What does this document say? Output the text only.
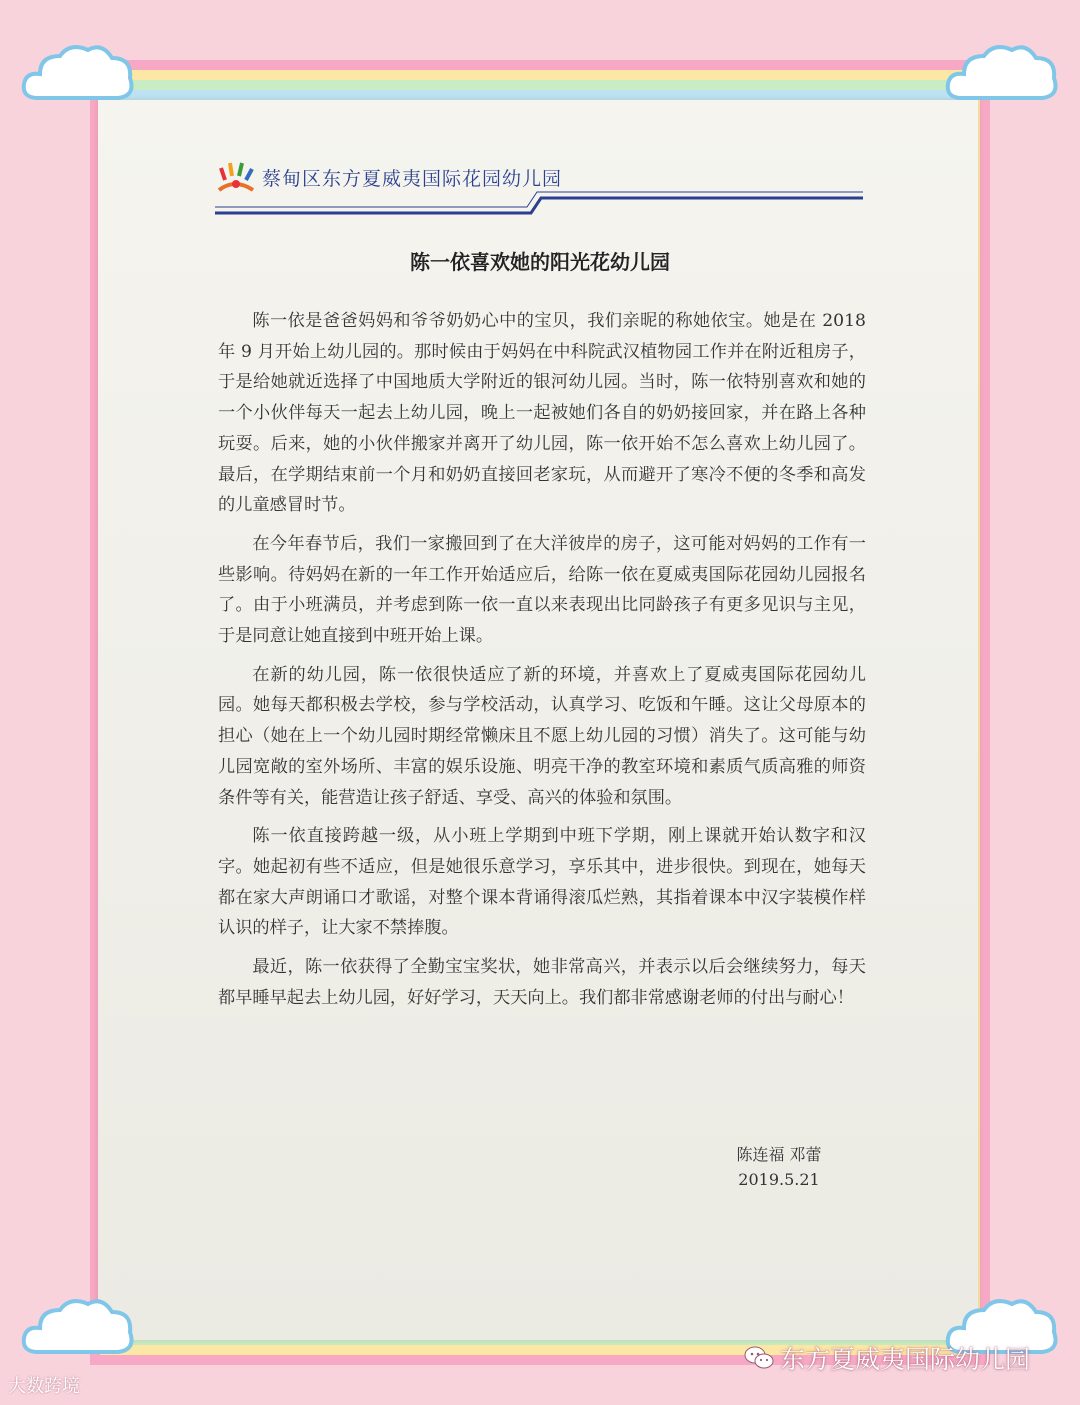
蔡甸区东方夏威夷国际花园幼儿园
陈一依喜欢她的阳光花幼儿园

陈一依是爸爸妈妈和爷爷奶奶心中的宝贝，我们亲昵的称她依宝。她是在 2018 年 9 月开始上幼儿园的。那时候由于妈妈在中科院武汉植物园工作并在附近租房子，于是给她就近选择了中国地质大学附近的银河幼儿园。当时，陈一依特别喜欢和她的一个小伙伴每天一起去上幼儿园，晚上一起被她们各自的奶奶接回家，并在路上各种玩耍。后来，她的小伙伴搬家并离开了幼儿园，陈一依开始不怎么喜欢上幼儿园了。最后，在学期结束前一个月和奶奶直接回老家玩，从而避开了寒冷不便的冬季和高发的儿童感冒时节。

在今年春节后，我们一家搬回到了在大洋彼岸的房子，这可能对妈妈的工作有一些影响。待妈妈在新的一年工作开始适应后，给陈一依在夏威夷国际花园幼儿园报名了。由于小班满员，并考虑到陈一依一直以来表现出比同龄孩子有更多见识与主见，于是同意让她直接到中班开始上课。

在新的幼儿园，陈一依很快适应了新的环境，并喜欢上了夏威夷国际花园幼儿园。她每天都积极去学校，参与学校活动，认真学习、吃饭和午睡。这让父母原本的担心（她在上一个幼儿园时期经常懒床且不愿上幼儿园的习惯）消失了。这可能与幼儿园宽敞的室外场所、丰富的娱乐设施、明亮干净的教室环境和素质气质高雅的师资条件等有关，能营造让孩子舒适、享受、高兴的体验和氛围。

陈一依直接跨越一级，从小班上学期到中班下学期，刚上课就开始认数字和汉字。她起初有些不适应，但是她很乐意学习，享乐其中，进步很快。到现在，她每天都在家大声朗诵口才歌谣，对整个课本背诵得滚瓜烂熟，其指着课本中汉字装模作样认识的样子，让大家不禁捧腹。

最近，陈一依获得了全勤宝宝奖状，她非常高兴，并表示以后会继续努力，每天都早睡早起去上幼儿园，好好学习，天天向上。我们都非常感谢老师的付出与耐心！

陈连福 邓蕾
2019.5.21
大数跨境
东方夏威夷国际幼儿园
